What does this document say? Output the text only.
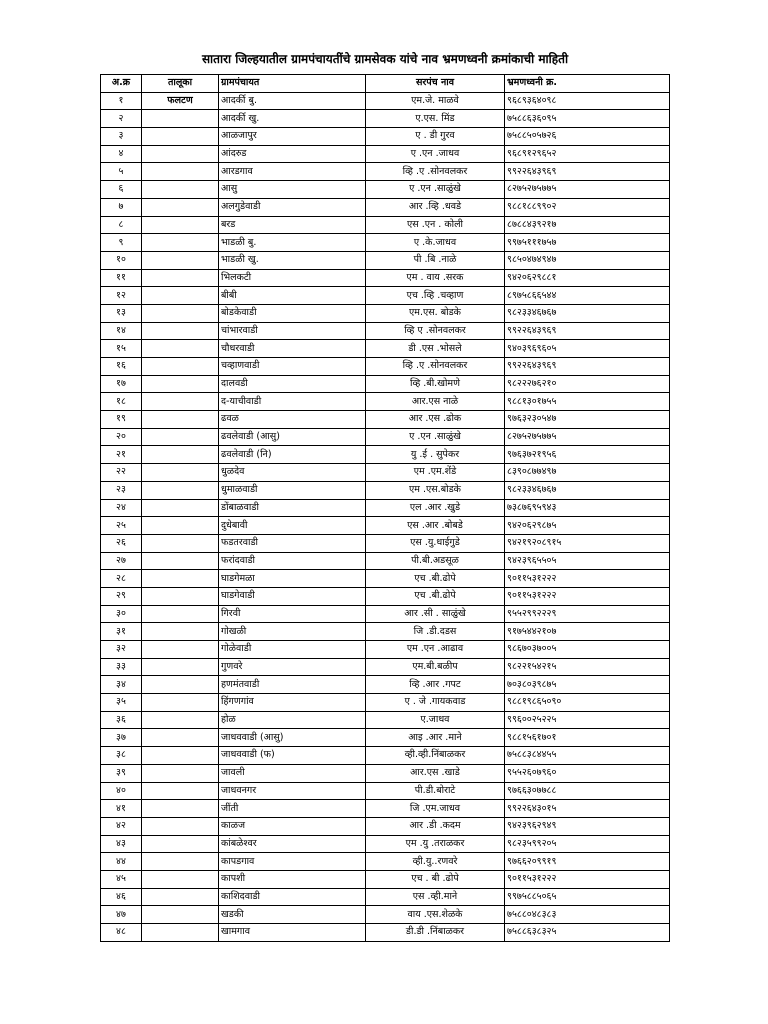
सातारा जिल्हयातील ग्रामपंचायतींचे ग्रामसेवक यांचे नाव भ्रमणध्वनी क्रमांकाची माहिती
अ.क्र	तालूका	ग्रामपंचायत	सरपंच नाव	भ्रमणध्वनी क्र.
१	फलटण	आदर्की बु.	एम.जे. माळवे	९६८९३६४०९८
२		आदर्की खु.	ए.एस. मिंड	७५८८६३६०९५
३		आळजापुर	ए . डी गुरव	७५८८५०५७२६
४		आंदरुड	ए .एन .जाधव	९६८९१२९६५२
५		आरडगाव	व्हि .ए .सोनवलकर	९९२२६४३९६९
६		आसु	ए .एन .साळुंखे	८२७५२७५७७५
७		अलगुडेवाडी	आर .व्हि .धवडे	९८८१८८९९०२
८		बरड	एस .एन . कोली	८७८८४३९२१७
९		भाडळी बु.	ए .के.जाधव	९९७५१११७५७
१०		भाडळी खु.	पी .बि .नाळे	९८५०४७४९४७
११		भिलकटी	एम . वाय .सरक	९४२०६२९८८१
१२		बीबी	एच .व्हि .चव्हाण	८९७५८६६५४४
१३		बोडकेवाडी	एम.एस. बोडके	९८२३३४६७६७
१४		चांभारवाडी	व्हि ए .सोनवलकर	९९२२६४३९६९
१५		चौधरवाडी	डी .एस .भोसले	९४०३९६९६०५
१६		चव्हाणवाडी	व्हि .ए .सोनवलकर	९९२२६४३९६९
१७		दालवडी	व्हि .बी.खोमणे	९८२२२७६२१०
१८		द-याचीवाडी	आर.एस नाळे	९८८१३०१७५५
१९		ढवळ	आर .एस .ढोक	९७६३२३०५४७
२०		ढवलेवाडी (आसु)	ए .एन .साळुंखे	८२७५२७५७७५
२१		ढवलेवाडी (नि)	यु .ई . सुपेकर	९७६३७२१९५६
२२		धुळदेव	एम .एम.शेंडे	८३९०८७७४९७
२३		धुमाळवाडी	एम .एस.बोडके	९८२३३४६७६७
२४		डोंबाळवाडी	एल .आर .खुडे	७३८७६९५९४३
२५		दुधेबावी	एस .आर .बोबडे	९४२०६२९८७५
२६		फडतरवाडी	एस .यु.धाईगुडे	९४२१९२०८९१५
२७		फरांदवाडी	पी.बी.अडसूळ	९४२३९६५५०५
२८		घाडगेमळा	एच .बी.ढोपे	९०११५३१२२२
२९		घाडगेवाडी	एच .बी.ढोपे	९०११५३१२२२
३०		गिरवी	आर .सी . साळुंखे	९५५२९९२२२९
३१		गोखळी	जि .डी.दडस	९१७५४४२१०७
३२		गोळेवाडी	एम .एन .आढाव	९८६७०३७००५
३३		गुणवरे	एम.बी.बळीप	९८२२१५४२१५
३४		हणमंतवाडी	व्हि .आर .गपट	७०३८०३९८७५
३५		हिंगणगांव	ए . जे .गायकवाड	९८८१९८६५०९०
३६		होळ	ए.जाधव	९९६००२५२२५
३७		जाधववाडी (आसु)	आइ .आर .माने	९८८१५६१७०१
३८		जाधववाडी (फ)	व्ही.व्ही.निंबाळकर	७५८८३८४४५५
३९		जावली	आर.एस .खाडे	९५५२६०७९६०
४०		जाधवनगर	पी.डी.बोराटे	९७६६३०७७८८
४१		जींती	जि .एम.जाधव	९९२२६४३०१५
४२		काळज	आर .डी .कदम	९४२३९६२९४९
४३		कांबळेश्वर	एम .यु .तराळकर	९८२३५९९२०५
४४		कापडगाव	व्ही.यु..रणवरे	९७६६२०९९१९
४५		कापशी	एच . बी .ढोपे	९०११५३१२२२
४६		काशिदवाडी	एस .व्ही.माने	९९७५८८५०६५
४७		खडकी	वाय .एस.शेळके	७५८८०४८३८३
४८		खामगाव	डी.डी .निंबाळकर	७५८८६३८३२५
